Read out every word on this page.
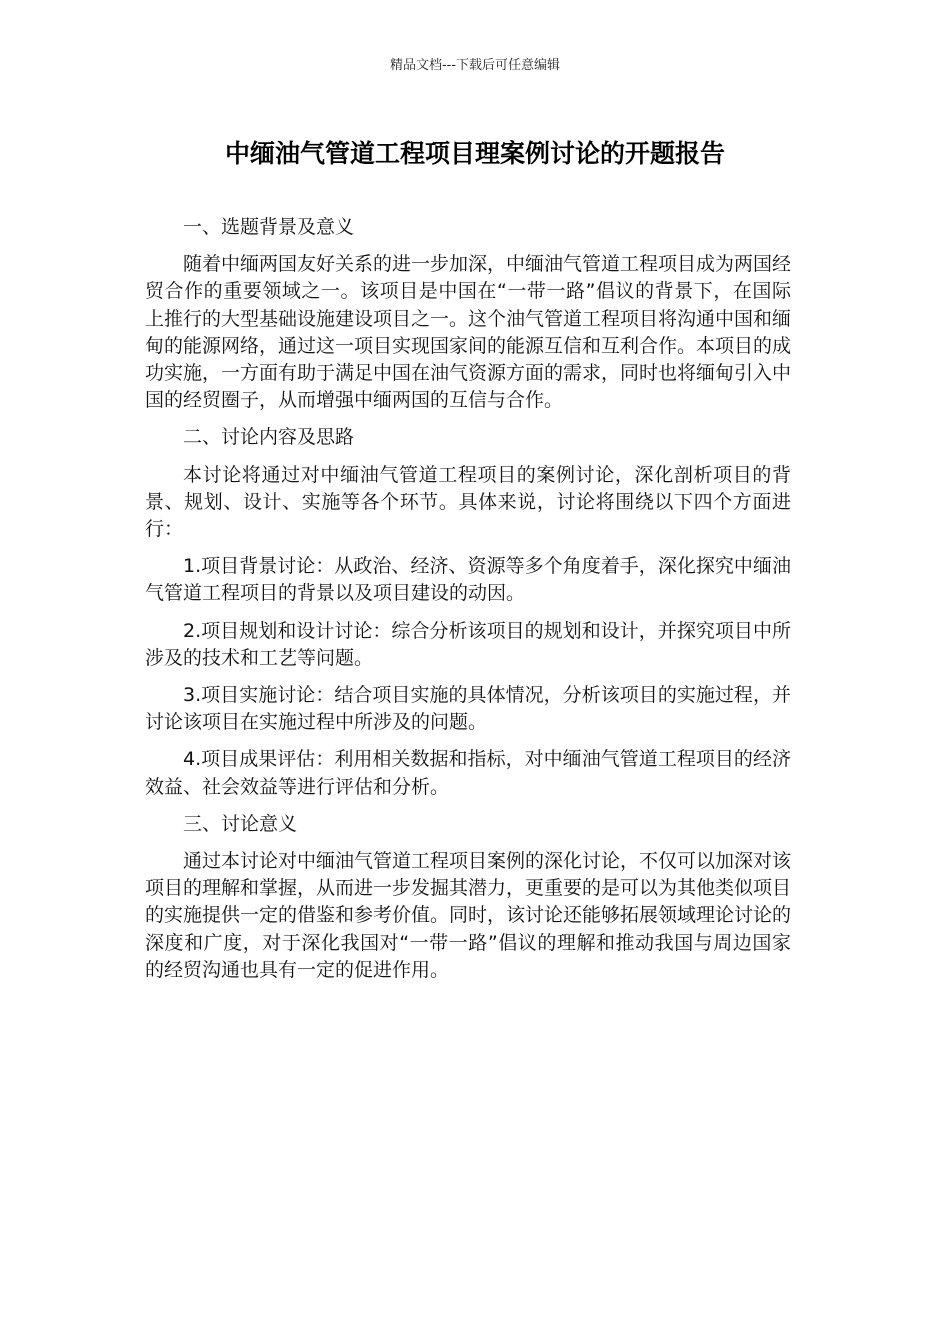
精品文档---下载后可任意编辑
中缅油气管道工程项目理案例讨论的开题报告
一、选题背景及意义

随着中缅两国友好关系的进一步加深，中缅油气管道工程项目成为两国经贸合作的重要领域之一。该项目是中国在“一带一路”倡议的背景下，在国际上推行的大型基础设施建设项目之一。这个油气管道工程项目将沟通中国和缅甸的能源网络，通过这一项目实现国家间的能源互信和互利合作。本项目的成功实施，一方面有助于满足中国在油气资源方面的需求，同时也将缅甸引入中国的经贸圈子，从而增强中缅两国的互信与合作。

二、讨论内容及思路

本讨论将通过对中缅油气管道工程项目的案例讨论，深化剖析项目的背景、规划、设计、实施等各个环节。具体来说，讨论将围绕以下四个方面进行：

1.项目背景讨论：从政治、经济、资源等多个角度着手，深化探究中缅油气管道工程项目的背景以及项目建设的动因。

2.项目规划和设计讨论：综合分析该项目的规划和设计，并探究项目中所涉及的技术和工艺等问题。

3.项目实施讨论：结合项目实施的具体情况，分析该项目的实施过程，并讨论该项目在实施过程中所涉及的问题。

4.项目成果评估：利用相关数据和指标，对中缅油气管道工程项目的经济效益、社会效益等进行评估和分析。

三、讨论意义

通过本讨论对中缅油气管道工程项目案例的深化讨论，不仅可以加深对该项目的理解和掌握，从而进一步发掘其潜力，更重要的是可以为其他类似项目的实施提供一定的借鉴和参考价值。同时，该讨论还能够拓展领域理论讨论的深度和广度，对于深化我国对“一带一路”倡议的理解和推动我国与周边国家的经贸沟通也具有一定的促进作用。
